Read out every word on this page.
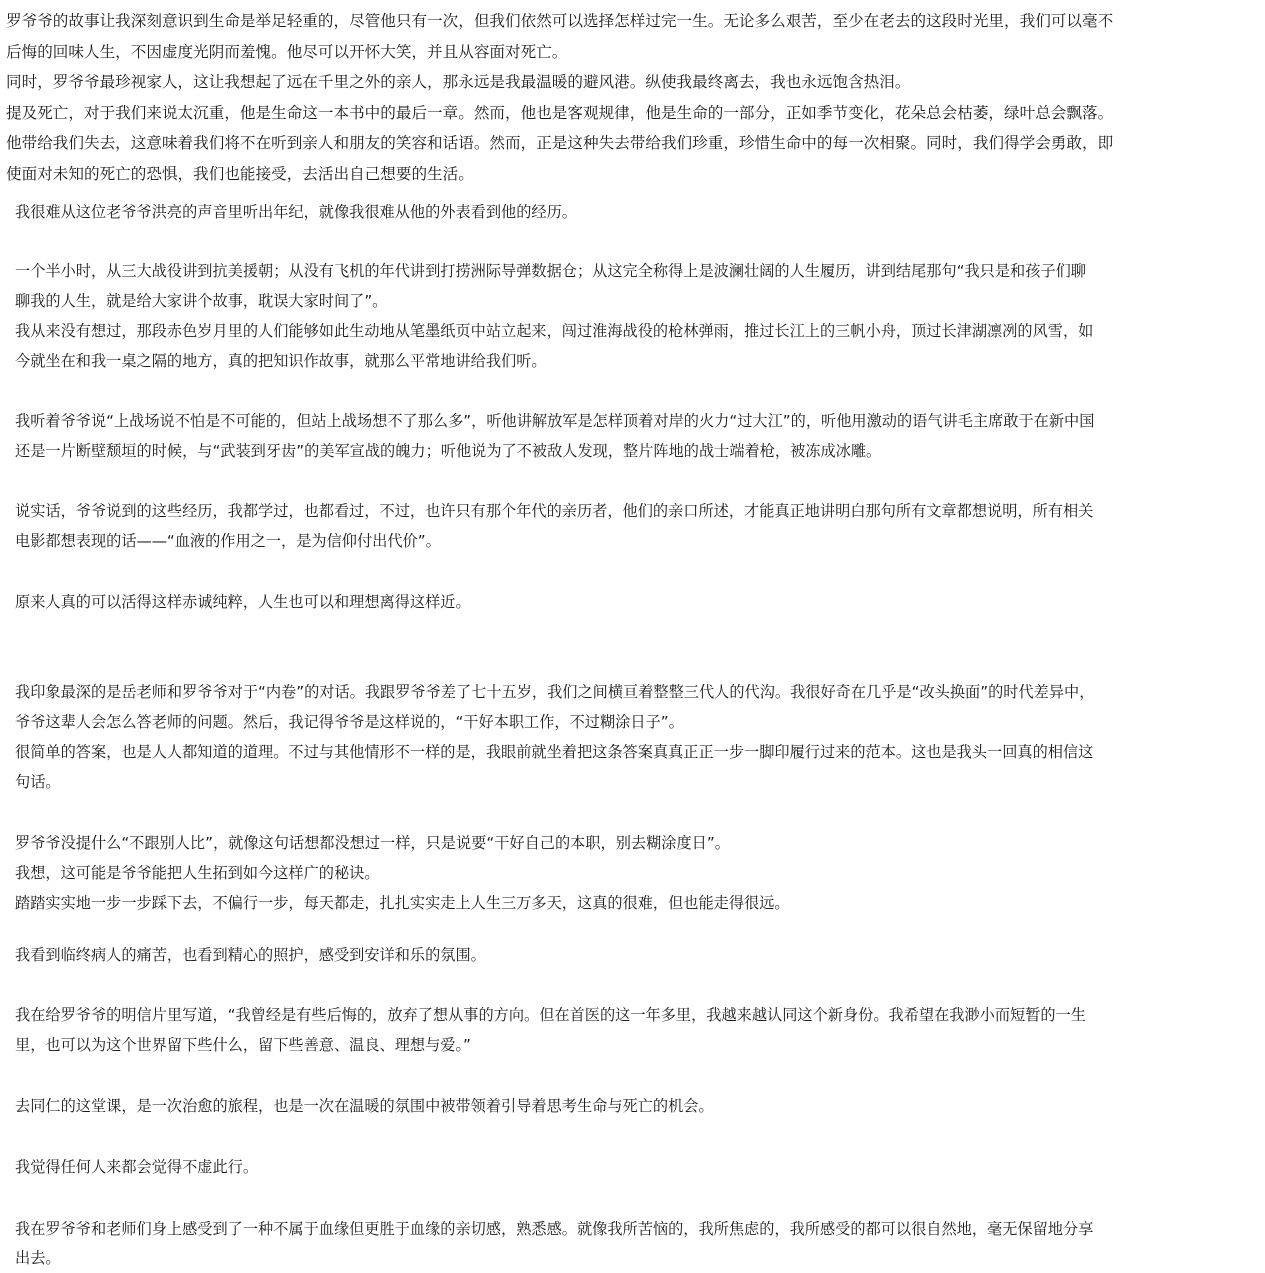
罗爷爷的故事让我深刻意识到生命是举足轻重的，尽管他只有一次，但我们依然可以选择怎样过完一生。无论多么艰苦，至少在老去的这段时光里，我们可以毫不

后悔的回味人生，不因虚度光阴而羞愧。他尽可以开怀大笑，并且从容面对死亡。

同时，罗爷爷最珍视家人，这让我想起了远在千里之外的亲人，那永远是我最温暖的避风港。纵使我最终离去，我也永远饱含热泪。

提及死亡，对于我们来说太沉重，他是生命这一本书中的最后一章。然而，他也是客观规律，他是生命的一部分，正如季节变化，花朵总会枯萎，绿叶总会飘落。

他带给我们失去，这意味着我们将不在听到亲人和朋友的笑容和话语。然而，正是这种失去带给我们珍重，珍惜生命中的每一次相聚。同时，我们得学会勇敢，即

使面对未知的死亡的恐惧，我们也能接受，去活出自己想要的生活。

我很难从这位老爷爷洪亮的声音里听出年纪，就像我很难从他的外表看到他的经历。

一个半小时，从三大战役讲到抗美援朝；从没有飞机的年代讲到打捞洲际导弹数据仓；从这完全称得上是波澜壮阔的人生履历，讲到结尾那句“我只是和孩子们聊

聊我的人生，就是给大家讲个故事，耽误大家时间了”。

我从来没有想过，那段赤色岁月里的人们能够如此生动地从笔墨纸页中站立起来，闯过淮海战役的枪林弹雨，推过长江上的三帆小舟，顶过长津湖凛冽的风雪，如

今就坐在和我一桌之隔的地方，真的把知识作故事，就那么平常地讲给我们听。

我听着爷爷说“上战场说不怕是不可能的，但站上战场想不了那么多”，听他讲解放军是怎样顶着对岸的火力“过大江”的，听他用激动的语气讲毛主席敢于在新中国

还是一片断壁颓垣的时候，与“武装到牙齿”的美军宣战的魄力；听他说为了不被敌人发现，整片阵地的战士端着枪，被冻成冰雕。

说实话，爷爷说到的这些经历，我都学过，也都看过，不过，也许只有那个年代的亲历者，他们的亲口所述，才能真正地讲明白那句所有文章都想说明，所有相关

电影都想表现的话——“血液的作用之一，是为信仰付出代价”。

原来人真的可以活得这样赤诚纯粹，人生也可以和理想离得这样近。

我印象最深的是岳老师和罗爷爷对于“内卷”的对话。我跟罗爷爷差了七十五岁，我们之间横亘着整整三代人的代沟。我很好奇在几乎是“改头换面”的时代差异中，

爷爷这辈人会怎么答老师的问题。然后，我记得爷爷是这样说的，“干好本职工作，不过糊涂日子”。

很简单的答案，也是人人都知道的道理。不过与其他情形不一样的是，我眼前就坐着把这条答案真真正正一步一脚印履行过来的范本。这也是我头一回真的相信这

句话。

罗爷爷没提什么“不跟别人比”，就像这句话想都没想过一样，只是说要“干好自己的本职，别去糊涂度日”。

我想，这可能是爷爷能把人生拓到如今这样广的秘诀。

踏踏实实地一步一步踩下去，不偏行一步，每天都走，扎扎实实走上人生三万多天，这真的很难，但也能走得很远。

我看到临终病人的痛苦，也看到精心的照护，感受到安详和乐的氛围。

我在给罗爷爷的明信片里写道，“我曾经是有些后悔的，放弃了想从事的方向。但在首医的这一年多里，我越来越认同这个新身份。我希望在我渺小而短暂的一生

里，也可以为这个世界留下些什么，留下些善意、温良、理想与爱。”

去同仁的这堂课，是一次治愈的旅程，也是一次在温暖的氛围中被带领着引导着思考生命与死亡的机会。

我觉得任何人来都会觉得不虚此行。

我在罗爷爷和老师们身上感受到了一种不属于血缘但更胜于血缘的亲切感，熟悉感。就像我所苦恼的，我所焦虑的，我所感受的都可以很自然地，毫无保留地分享

出去。
